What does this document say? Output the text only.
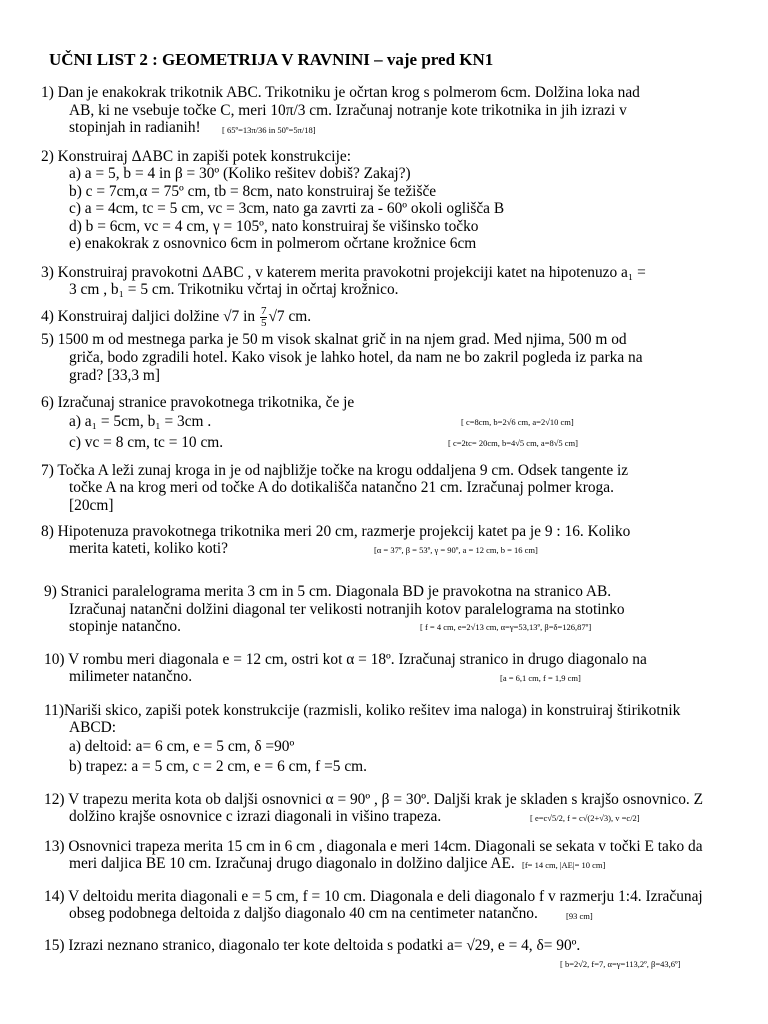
UČNI LIST 2 : GEOMETRIJA V RAVNINI – vaje pred KN1
1) Dan je enakokrak trikotnik ABC. Trikotniku je očrtan krog s polmerom 6cm. Dolžina loka nad
AB, ki ne vsebuje točke C, meri 10π/3 cm. Izračunaj notranje kote trikotnika in jih izrazi v
stopinjah in radianih!	[ 65º=13π/36 in 50º=5π/18]
2) Konstruiraj ΔABC in zapiši potek konstrukcije:
a) a = 5, b = 4 in β = 30º (Koliko rešitev dobiš? Zakaj?)
b) c = 7cm,α = 75º cm, tb = 8cm, nato konstruiraj še težišče
c) a = 4cm, tc = 5 cm, vc = 3cm, nato ga zavrti za - 60º okoli oglišča B
d) b = 6cm, vc = 4 cm, γ = 105º, nato konstruiraj še višinsko točko
e) enakokrak z osnovnico 6cm in polmerom očrtane krožnice 6cm
3) Konstruiraj pravokotni ΔABC , v katerem merita pravokotni projekciji katet na hipotenuzo a₁ =
3 cm , b₁ = 5 cm. Trikotniku včrtaj in očrtaj krožnico.
4) Konstruiraj daljici dolžine √7 in $\frac{7}{5} √7$ cm.
5) 1500 m od mestnega parka je 50 m visok skalnat grič in na njem grad. Med njima, 500 m od
griča, bodo zgradili hotel. Kako visok je lahko hotel, da nam ne bo zakril pogleda iz parka na
grad? [33,3 m]
6) Izračunaj stranice pravokotnega trikotnika, če je
a) a₁ = 5cm, b₁ = 3cm .	[ c=8cm, b=2√6 cm, a=2√10 cm]
c) vc = 8 cm, tc = 10 cm.	[ c=2tc= 20cm, b=4√5 cm, a=8√5 cm]
7) Točka A leži zunaj kroga in je od najbližje točke na krogu oddaljena 9 cm. Odsek tangente iz
točke A na krog meri od točke A do dotikališča natančno 21 cm. Izračunaj polmer kroga.
[20cm]
8) Hipotenuza pravokotnega trikotnika meri 20 cm, razmerje projekcij katet pa je 9 : 16. Koliko
merita kateti, koliko koti?	[α = 37º, β = 53º, γ = 90º, a = 12 cm, b = 16 cm]
9) Stranici paralelograma merita 3 cm in 5 cm. Diagonala BD je pravokotna na stranico AB.
Izračunaj natančni dolžini diagonal ter velikosti notranjih kotov paralelograma na stotinko
stopinje natančno.	[ f = 4 cm, e=2√13 cm, α=γ=53,13º, β=δ=126,87º]
10) V rombu meri diagonala e = 12 cm, ostri kot α = 18º. Izračunaj stranico in drugo diagonalo na
milimeter natančno.	[a = 6,1 cm, f = 1,9 cm]
11)Nariši skico, zapiši potek konstrukcije (razmisli, koliko rešitev ima naloga) in konstruiraj štirikotnik
ABCD:
a) deltoid: a= 6 cm, e = 5 cm, δ =90º
b) trapez: a = 5 cm, c = 2 cm, e = 6 cm, f =5 cm.
12) V trapezu merita kota ob daljši osnovnici α = 90º , β = 30º. Daljši krak je skladen s krajšo osnovnico. Z
dolžino krajše osnovnice c izrazi diagonali in višino trapeza.	[ e=c√5/2, f = c√(2+√3), v =c/2]
13) Osnovnici trapeza merita 15 cm in 6 cm , diagonala e meri 14cm. Diagonali se sekata v točki E tako da
meri daljica BE 10 cm. Izračunaj drugo diagonalo in dolžino daljice AE. [f= 14 cm, |AE|= 10 cm]
14) V deltoidu merita diagonali e = 5 cm, f = 10 cm. Diagonala e deli diagonalo f v razmerju 1:4. Izračunaj
obseg podobnega deltoida z daljšo diagonalo 40 cm na centimeter natančno.	[93 cm]
15) Izrazi neznano stranico, diagonalo ter kote deltoida s podatki a= √29, e = 4, δ= 90º.
[ b=2√2, f=7, α=γ=113,2º, β=43,6º]
